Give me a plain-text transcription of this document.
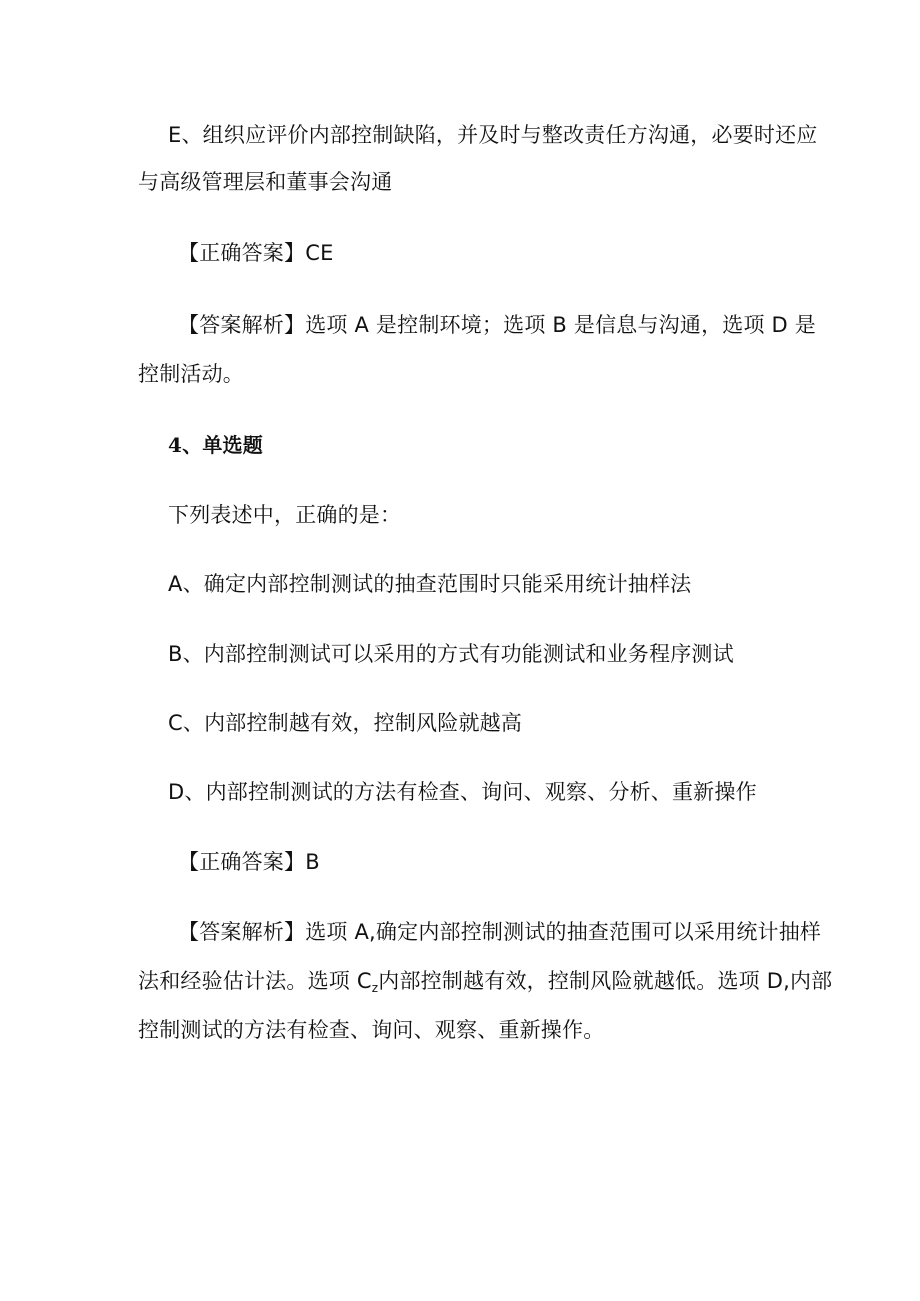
E、组织应评价内部控制缺陷，并及时与整改责任方沟通，必要时还应
与高级管理层和董事会沟通
【正确答案】CE
【答案解析】选项 A 是控制环境；选项 B 是信息与沟通，选项 D 是
控制活动。
4、单选题
下列表述中，正确的是：
A、确定内部控制测试的抽查范围时只能采用统计抽样法
B、内部控制测试可以采用的方式有功能测试和业务程序测试
C、内部控制越有效，控制风险就越高
D、内部控制测试的方法有检查、询问、观察、分析、重新操作
【正确答案】B
【答案解析】选项 A,确定内部控制测试的抽查范围可以采用统计抽样
法和经验估计法。选项 $C_z$内部控制越有效，控制风险就越低。选项 D,内部
控制测试的方法有检查、询问、观察、重新操作。
